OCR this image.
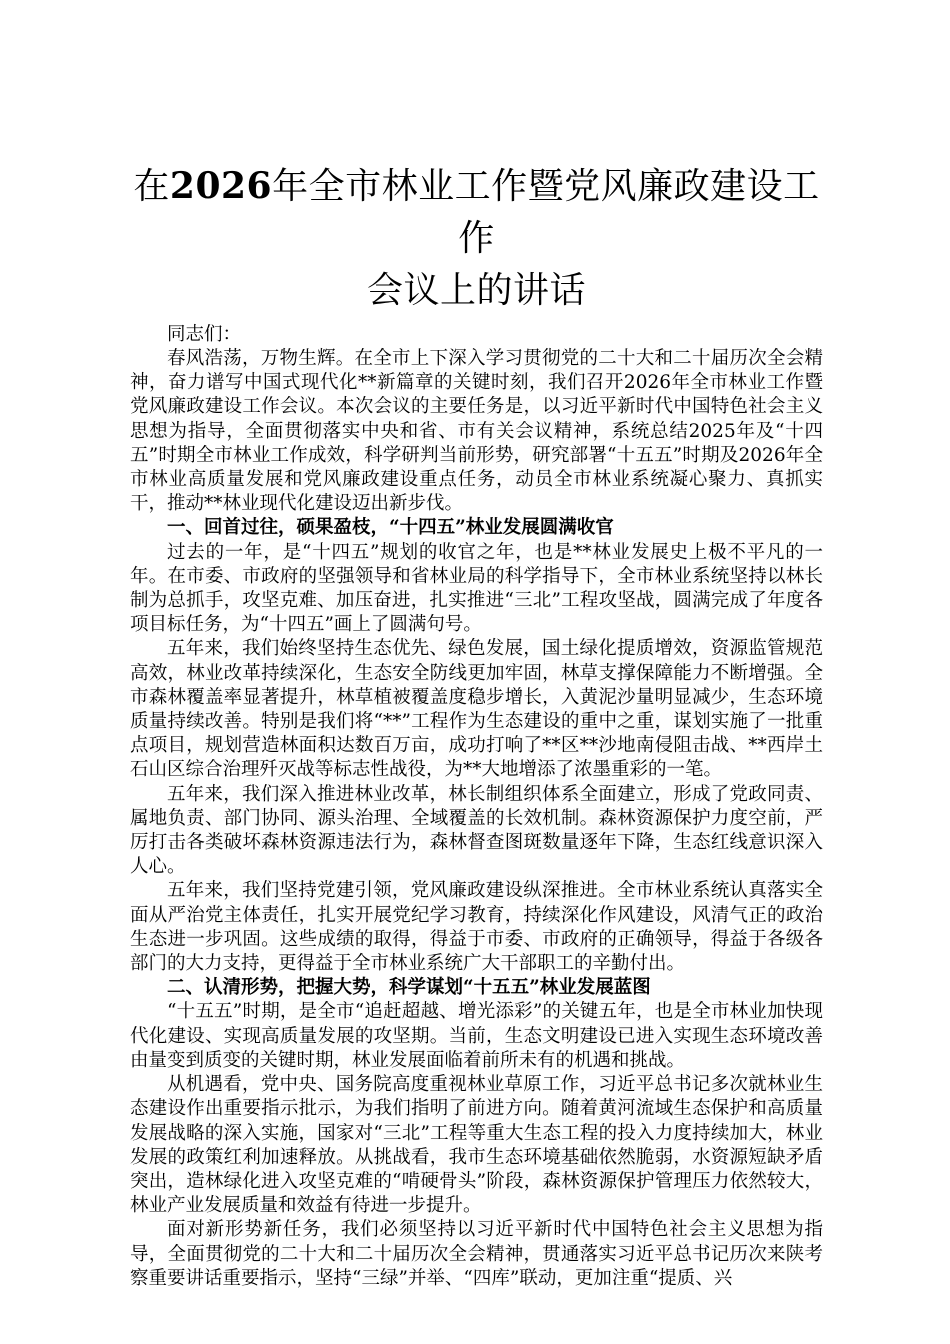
在2026年全市林业工作暨党风廉政建设工作
会议上的讲话

同志们：

春风浩荡，万物生辉。在全市上下深入学习贯彻党的二十大和二十届历次全会精神，奋力谱写中国式现代化**新篇章的关键时刻，我们召开2026年全市林业工作暨党风廉政建设工作会议。本次会议的主要任务是，以习近平新时代中国特色社会主义思想为指导，全面贯彻落实中央和省、市有关会议精神，系统总结2025年及“十四五”时期全市林业工作成效，科学研判当前形势，研究部署“十五五”时期及2026年全市林业高质量发展和党风廉政建设重点任务，动员全市林业系统凝心聚力、真抓实干，推动**林业现代化建设迈出新步伐。

一、回首过往，硕果盈枝，“十四五”林业发展圆满收官

过去的一年，是“十四五”规划的收官之年，也是**林业发展史上极不平凡的一年。在市委、市政府的坚强领导和省林业局的科学指导下，全市林业系统坚持以林长制为总抓手，攻坚克难、加压奋进，扎实推进“三北”工程攻坚战，圆满完成了年度各项目标任务，为“十四五”画上了圆满句号。

五年来，我们始终坚持生态优先、绿色发展，国土绿化提质增效，资源监管规范高效，林业改革持续深化，生态安全防线更加牢固，林草支撑保障能力不断增强。全市森林覆盖率显著提升，林草植被覆盖度稳步增长，入黄泥沙量明显减少，生态环境质量持续改善。特别是我们将“**”工程作为生态建设的重中之重，谋划实施了一批重点项目，规划营造林面积达数百万亩，成功打响了**区**沙地南侵阻击战、**西岸土石山区综合治理歼灭战等标志性战役，为**大地增添了浓墨重彩的一笔。

五年来，我们深入推进林业改革，林长制组织体系全面建立，形成了党政同责、属地负责、部门协同、源头治理、全域覆盖的长效机制。森林资源保护力度空前，严厉打击各类破坏森林资源违法行为，森林督查图斑数量逐年下降，生态红线意识深入人心。

五年来，我们坚持党建引领，党风廉政建设纵深推进。全市林业系统认真落实全面从严治党主体责任，扎实开展党纪学习教育，持续深化作风建设，风清气正的政治生态进一步巩固。这些成绩的取得，得益于市委、市政府的正确领导，得益于各级各部门的大力支持，更得益于全市林业系统广大干部职工的辛勤付出。

二、认清形势，把握大势，科学谋划“十五五”林业发展蓝图

“十五五”时期，是全市“追赶超越、增光添彩”的关键五年，也是全市林业加快现代化建设、实现高质量发展的攻坚期。当前，生态文明建设已进入实现生态环境改善由量变到质变的关键时期，林业发展面临着前所未有的机遇和挑战。

从机遇看，党中央、国务院高度重视林业草原工作，习近平总书记多次就林业生态建设作出重要指示批示，为我们指明了前进方向。随着黄河流域生态保护和高质量发展战略的深入实施，国家对“三北”工程等重大生态工程的投入力度持续加大，林业发展的政策红利加速释放。从挑战看，我市生态环境基础依然脆弱，水资源短缺矛盾突出，造林绿化进入攻坚克难的“啃硬骨头”阶段，森林资源保护管理压力依然较大，林业产业发展质量和效益有待进一步提升。

面对新形势新任务，我们必须坚持以习近平新时代中国特色社会主义思想为指导，全面贯彻党的二十大和二十届历次全会精神，贯通落实习近平总书记历次来陕考察重要讲话重要指示，坚持“三绿”并举、“四库”联动，更加注重“提质、兴
